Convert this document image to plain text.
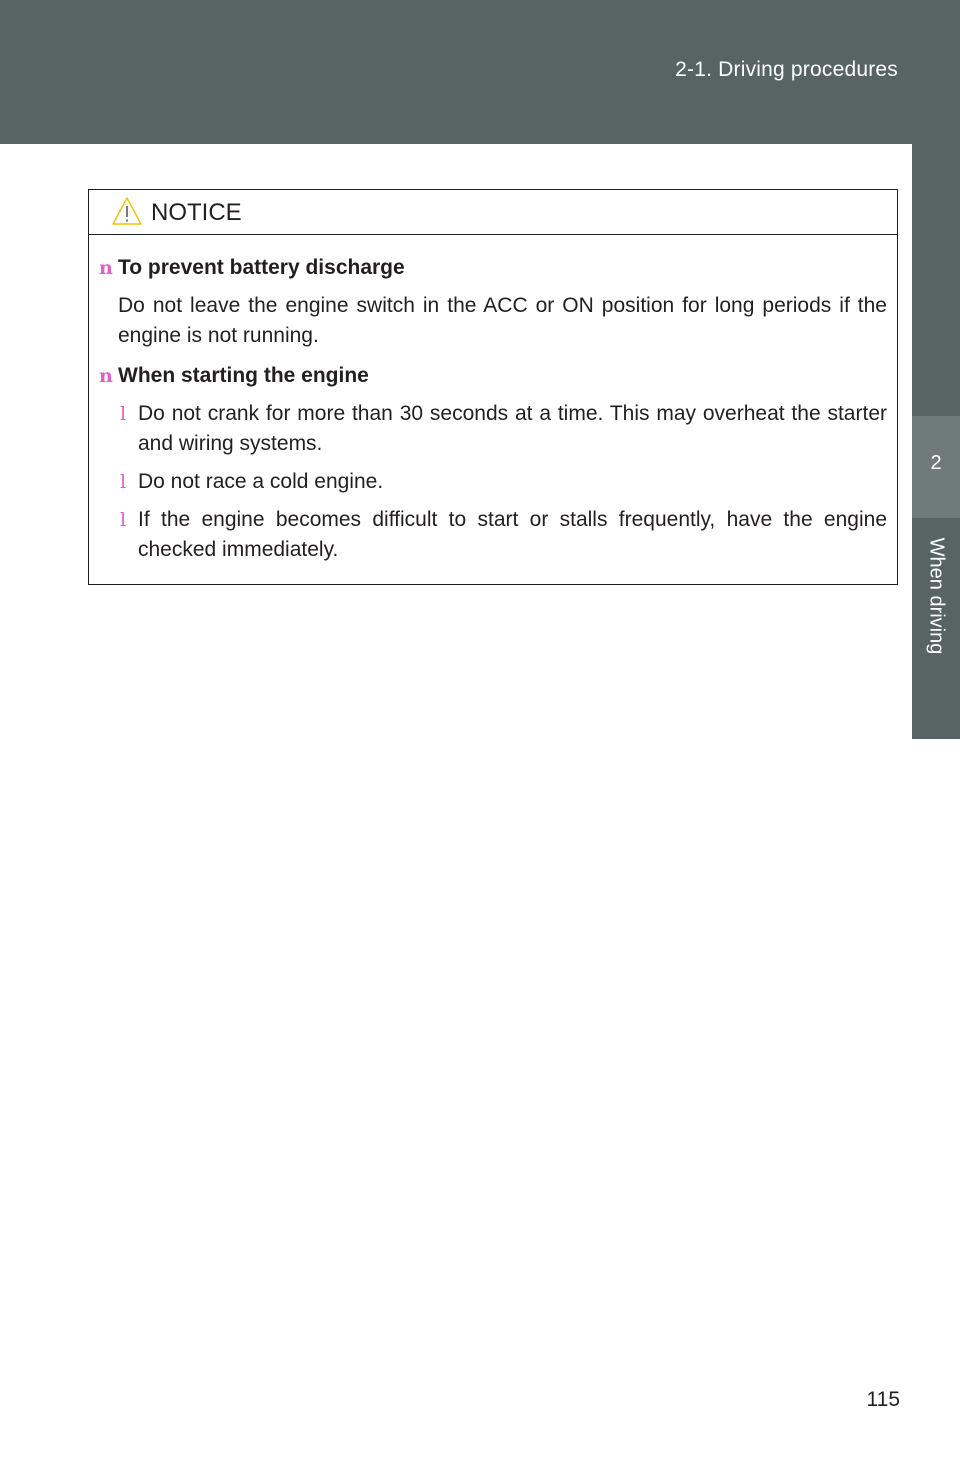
2-1. Driving procedures
2
When driving
NOTICE
n To prevent battery discharge
Do not leave the engine switch in the ACC or ON position for long periods if the engine is not running.
n When starting the engine
l Do not crank for more than 30 seconds at a time. This may overheat the starter and wiring systems.
l Do not race a cold engine.
l If the engine becomes difficult to start or stalls frequently, have the engine checked immediately.
115
